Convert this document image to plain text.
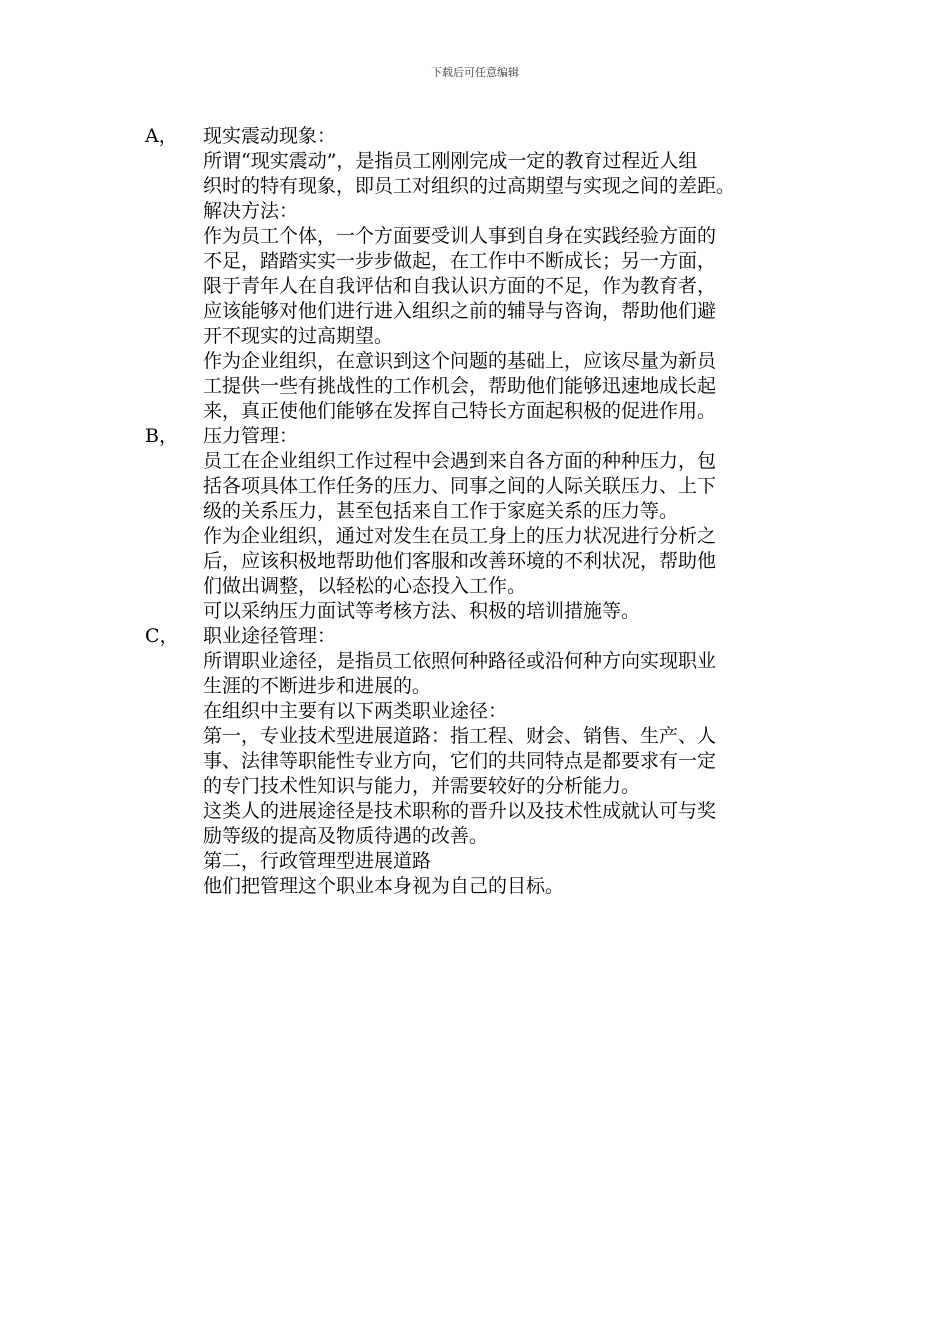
下载后可任意编辑
A， 现实震动现象：
所谓“现实震动”，是指员工刚刚完成一定的教育过程近人组
织时的特有现象，即员工对组织的过高期望与实现之间的差距。
解决方法：
作为员工个体，一个方面要受训人事到自身在实践经验方面的
不足，踏踏实实一步步做起，在工作中不断成长；另一方面，
限于青年人在自我评估和自我认识方面的不足，作为教育者，
应该能够对他们进行进入组织之前的辅导与咨询，帮助他们避
开不现实的过高期望。
作为企业组织，在意识到这个问题的基础上，应该尽量为新员
工提供一些有挑战性的工作机会，帮助他们能够迅速地成长起
来，真正使他们能够在发挥自己特长方面起积极的促进作用。
B， 压力管理：
员工在企业组织工作过程中会遇到来自各方面的种种压力，包
括各项具体工作任务的压力、同事之间的人际关联压力、上下
级的关系压力，甚至包括来自工作于家庭关系的压力等。
作为企业组织，通过对发生在员工身上的压力状况进行分析之
后，应该积极地帮助他们客服和改善环境的不利状况，帮助他
们做出调整，以轻松的心态投入工作。
可以采纳压力面试等考核方法、积极的培训措施等。
C， 职业途径管理：
所谓职业途径，是指员工依照何种路径或沿何种方向实现职业
生涯的不断进步和进展的。
在组织中主要有以下两类职业途径：
第一，专业技术型进展道路：指工程、财会、销售、生产、人
事、法律等职能性专业方向，它们的共同特点是都要求有一定
的专门技术性知识与能力，并需要较好的分析能力。
这类人的进展途径是技术职称的晋升以及技术性成就认可与奖
励等级的提高及物质待遇的改善。
第二，行政管理型进展道路
他们把管理这个职业本身视为自己的目标。
